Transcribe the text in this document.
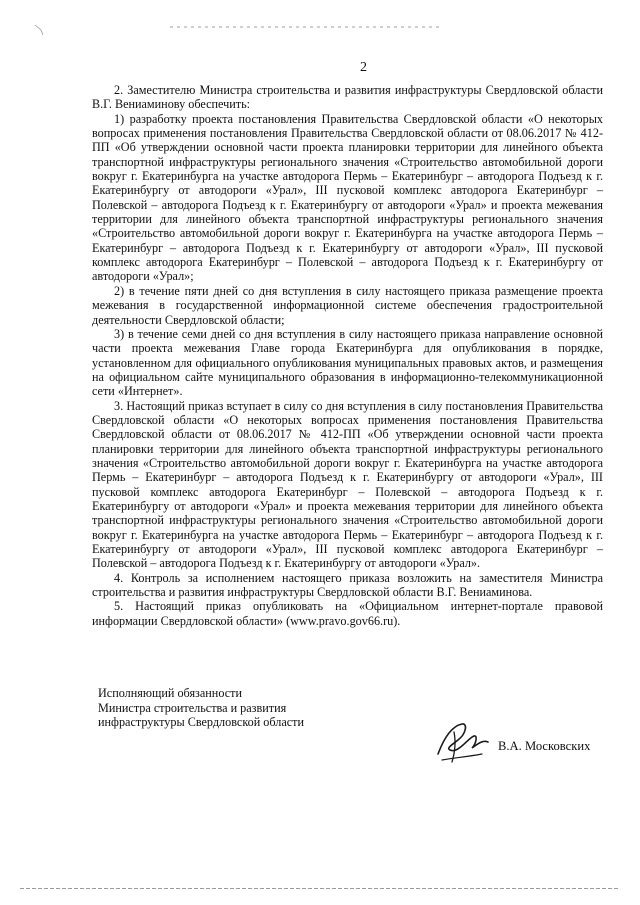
2

2. Заместителю Министра строительства и развития инфраструктуры Свердловской области В.Г. Вениаминову обеспечить:

1) разработку проекта постановления Правительства Свердловской области «О некоторых вопросах применения постановления Правительства Свердловской области от 08.06.2017 № 412-ПП «Об утверждении основной части проекта планировки территории для линейного объекта транспортной инфраструктуры регионального значения «Строительство автомобильной дороги вокруг г. Екатеринбурга на участке автодорога Пермь – Екатеринбург – автодорога Подъезд к г. Екатеринбургу от автодороги «Урал», III пусковой комплекс автодорога Екатеринбург – Полевской – автодорога Подъезд к г. Екатеринбургу от автодороги «Урал» и проекта межевания территории для линейного объекта транспортной инфраструктуры регионального значения «Строительство автомобильной дороги вокруг г. Екатеринбурга на участке автодорога Пермь – Екатеринбург – автодорога Подъезд к г. Екатеринбургу от автодороги «Урал», III пусковой комплекс автодорога Екатеринбург – Полевской – автодорога Подъезд к г. Екатеринбургу от автодороги «Урал»;

2) в течение пяти дней со дня вступления в силу настоящего приказа размещение проекта межевания в государственной информационной системе обеспечения градостроительной деятельности Свердловской области;

3) в течение семи дней со дня вступления в силу настоящего приказа направление основной части проекта межевания Главе города Екатеринбурга для опубликования в порядке, установленном для официального опубликования муниципальных правовых актов, и размещения на официальном сайте муниципального образования в информационно-телекоммуникационной сети «Интернет».

3. Настоящий приказ вступает в силу со дня вступления в силу постановления Правительства Свердловской области «О некоторых вопросах применения постановления Правительства Свердловской области от 08.06.2017 № 412-ПП «Об утверждении основной части проекта планировки территории для линейного объекта транспортной инфраструктуры регионального значения «Строительство автомобильной дороги вокруг г. Екатеринбурга на участке автодорога Пермь – Екатеринбург – автодорога Подъезд к г. Екатеринбургу от автодороги «Урал», III пусковой комплекс автодорога Екатеринбург – Полевской – автодорога Подъезд к г. Екатеринбургу от автодороги «Урал» и проекта межевания территории для линейного объекта транспортной инфраструктуры регионального значения «Строительство автомобильной дороги вокруг г. Екатеринбурга на участке автодорога Пермь – Екатеринбург – автодорога Подъезд к г. Екатеринбургу от автодороги «Урал», III пусковой комплекс автодорога Екатеринбург – Полевской – автодорога Подъезд к г. Екатеринбургу от автодороги «Урал».

4. Контроль за исполнением настоящего приказа возложить на заместителя Министра строительства и развития инфраструктуры Свердловской области В.Г. Вениаминова.

5. Настоящий приказ опубликовать на «Официальном интернет-портале правовой информации Свердловской области» (www.pravo.gov66.ru).

Исполняющий обязанности
Министра строительства и развития
инфраструктуры Свердловской области
В.А. Московских
